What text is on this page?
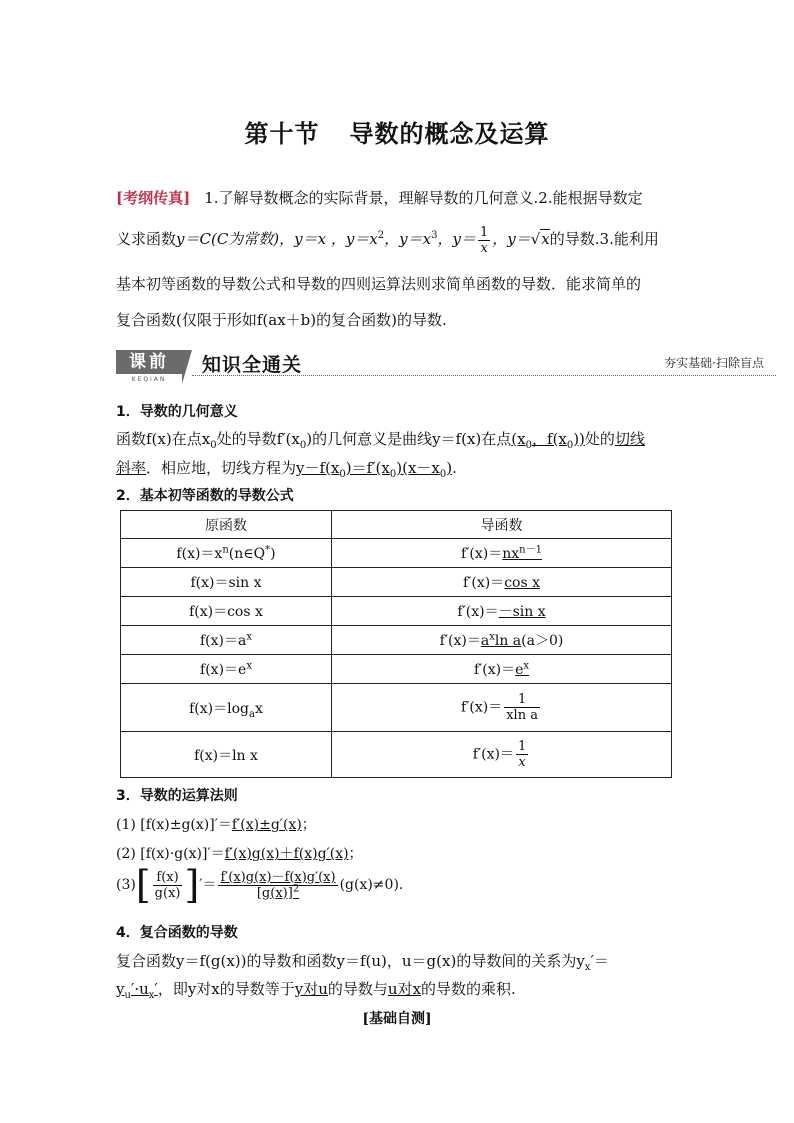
第十节 导数的概念及运算
[考纲传真] 1.了解导数概念的实际背景，理解导数的几何意义.2.能根据导数定
义求函数y＝C(C为常数)，y＝x ，$y=x^2$，$y=x^3$，$y= \frac{1}{x}$ ，y＝√x的导数.3.能利用
基本初等函数的导数公式和导数的四则运算法则求简单函数的导数．能求简单的
复合函数(仅限于形如f(ax＋b)的复合函数)的导数.
课前
KEQIAN
知识全通关	夯实基础·扫除盲点
1．导数的几何意义
函数f(x)在点$x_0$处的导数$f'(x_0)$的几何意义是曲线y＝f(x)在点($x_0$，$f(x_0)$)处的切线
斜率．相应地，切线方程为$y-f(x_0)=f'(x_0)(x-x_0)$.
2．基本初等函数的导数公式
原函数	导函数
$f(x)=x^n(n\in Q^*)$	$f'(x)=nx^{n-1}$
f(x)＝sin x	f′(x)＝cos x
f(x)＝cos x	f′(x)＝－sin x
$f(x)=a^x$	$f'(x)=a^x\ln$ a(a＞0)
$f(x)=e^x$	$f'(x)=e^x$
$f(x)=\log_ax$	$f'(x)= \frac{1}{\text{xln a}}$

f(x)＝ln x	$f'(x)= \frac{1}{x}$
3．导数的运算法则
(1) [f(x)±g(x)]′＝f′(x)±g′(x)；
(2) [f(x)·g(x)]′＝f′(x)g(x)＋f(x)g′(x)；
$(3)[ \frac{f(x)}{g(x)}$ ]′＝ $\frac{f'(x)g(x)-f(x)g'(x)}{[g(x)]^2} (g(x)\ne 0)$.
4．复合函数的导数
复合函数y＝f(g(x))的导数和函数y＝f(u)，u＝g(x)的导数间的关系为$y_x'=$
$y_u'\cdot u_x'$，即y对x的导数等于y对u的导数与u对x的导数的乘积.
[基础自测]
